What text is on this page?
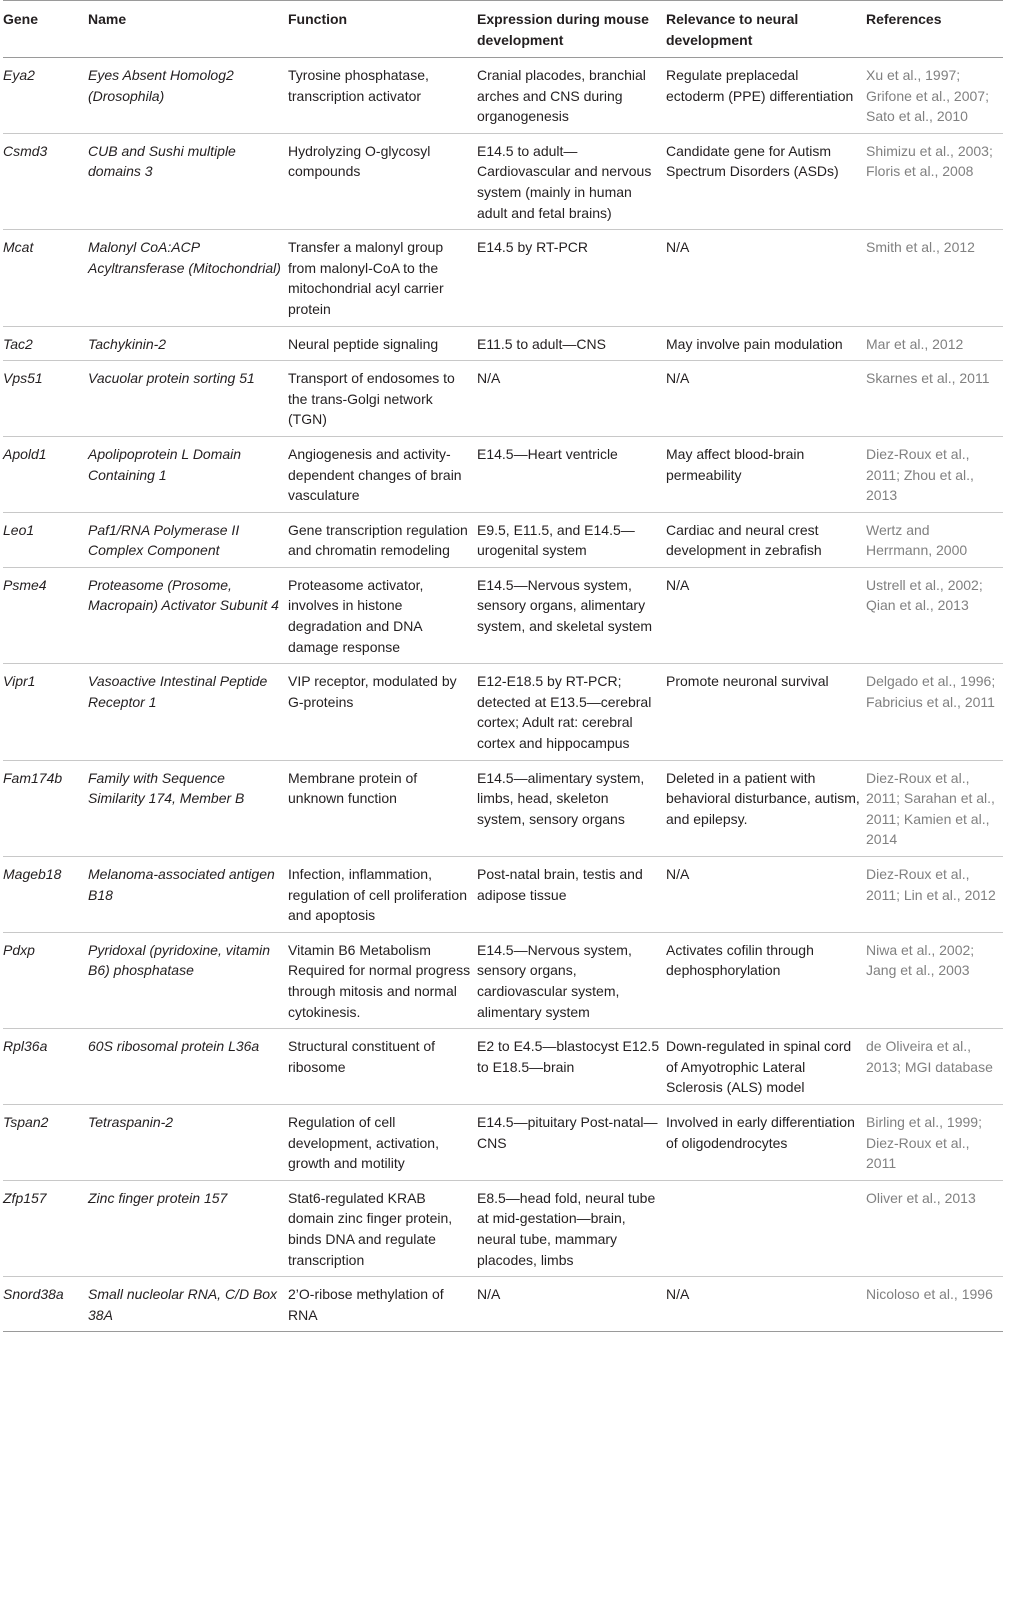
Gene	Name	Function	Expression during mouse development	Relevance to neural development	References
Eya2	Eyes Absent Homolog2 (Drosophila)	Tyrosine phosphatase, transcription activator	Cranial placodes, branchial arches and CNS during organogenesis	Regulate preplacedal ectoderm (PPE) differentiation	Xu et al., 1997; Grifone et al., 2007; Sato et al., 2010
Csmd3	CUB and Sushi multiple domains 3	Hydrolyzing O-glycosyl compounds	E14.5 to adult—Cardiovascular and nervous system (mainly in human adult and fetal brains)	Candidate gene for Autism Spectrum Disorders (ASDs)	Shimizu et al., 2003; Floris et al., 2008
Mcat	Malonyl CoA:ACP Acyltransferase (Mitochondrial)	Transfer a malonyl group from malonyl-CoA to the mitochondrial acyl carrier protein	E14.5 by RT-PCR	N/A	Smith et al., 2012
Tac2	Tachykinin-2	Neural peptide signaling	E11.5 to adult—CNS	May involve pain modulation	Mar et al., 2012
Vps51	Vacuolar protein sorting 51	Transport of endosomes to the trans-Golgi network (TGN)	N/A	N/A	Skarnes et al., 2011
Apold1	Apolipoprotein L Domain Containing 1	Angiogenesis and activity-dependent changes of brain vasculature	E14.5—Heart ventricle	May affect blood-brain permeability	Diez-Roux et al., 2011; Zhou et al., 2013
Leo1	Paf1/RNA Polymerase II Complex Component	Gene transcription regulation and chromatin remodeling	E9.5, E11.5, and E14.5—urogenital system	Cardiac and neural crest development in zebrafish	Wertz and Herrmann, 2000
Psme4	Proteasome (Prosome, Macropain) Activator Subunit 4	Proteasome activator, involves in histone degradation and DNA damage response	E14.5—Nervous system, sensory organs, alimentary system, and skeletal system	N/A	Ustrell et al., 2002; Qian et al., 2013
Vipr1	Vasoactive Intestinal Peptide Receptor 1	VIP receptor, modulated by G-proteins	E12-E18.5 by RT-PCR; detected at E13.5—cerebral cortex; Adult rat: cerebral cortex and hippocampus	Promote neuronal survival	Delgado et al., 1996; Fabricius et al., 2011
Fam174b	Family with Sequence Similarity 174, Member B	Membrane protein of unknown function	E14.5—alimentary system, limbs, head, skeleton system, sensory organs	Deleted in a patient with behavioral disturbance, autism, and epilepsy.	Diez-Roux et al., 2011; Sarahan et al., 2011; Kamien et al., 2014
Mageb18	Melanoma-associated antigen B18	Infection, inflammation, regulation of cell proliferation and apoptosis	Post-natal brain, testis and adipose tissue	N/A	Diez-Roux et al., 2011; Lin et al., 2012
Pdxp	Pyridoxal (pyridoxine, vitamin B6) phosphatase	Vitamin B6 Metabolism Required for normal progress through mitosis and normal cytokinesis.	E14.5—Nervous system, sensory organs, cardiovascular system, alimentary system	Activates cofilin through dephosphorylation	Niwa et al., 2002; Jang et al., 2003
Rpl36a	60S ribosomal protein L36a	Structural constituent of ribosome	E2 to E4.5—blastocyst E12.5 to E18.5—brain	Down-regulated in spinal cord of Amyotrophic Lateral Sclerosis (ALS) model	de Oliveira et al., 2013; MGI database
Tspan2	Tetraspanin-2	Regulation of cell development, activation, growth and motility	E14.5—pituitary Post-natal—CNS	Involved in early differentiation of oligodendrocytes	Birling et al., 1999; Diez-Roux et al., 2011
Zfp157	Zinc finger protein 157	Stat6-regulated KRAB domain zinc finger protein, binds DNA and regulate transcription	E8.5—head fold, neural tube at mid-gestation—brain, neural tube, mammary placodes, limbs		Oliver et al., 2013
Snord38a	Small nucleolar RNA, C/D Box 38A	2’O-ribose methylation of RNA	N/A	N/A	Nicoloso et al., 1996
